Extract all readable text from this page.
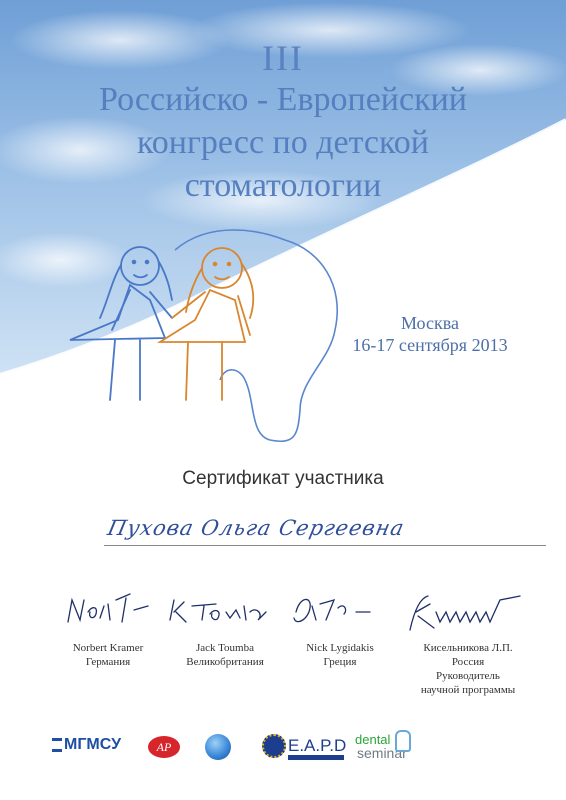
III
Российско - Европейский
конгресс по детской
стоматологии
Москва
16-17 сентября 2013
Сертификат участника
Пухова Ольга Сергеевна
Norbert Kramer
Германия
Jack Toumba
Великобритания
Nick Lygidakis
Греция
Кисельникова Л.П.
Россия
Руководитель
научной программы
МГМСУ	AP	E.A.P.D dental
seminar
